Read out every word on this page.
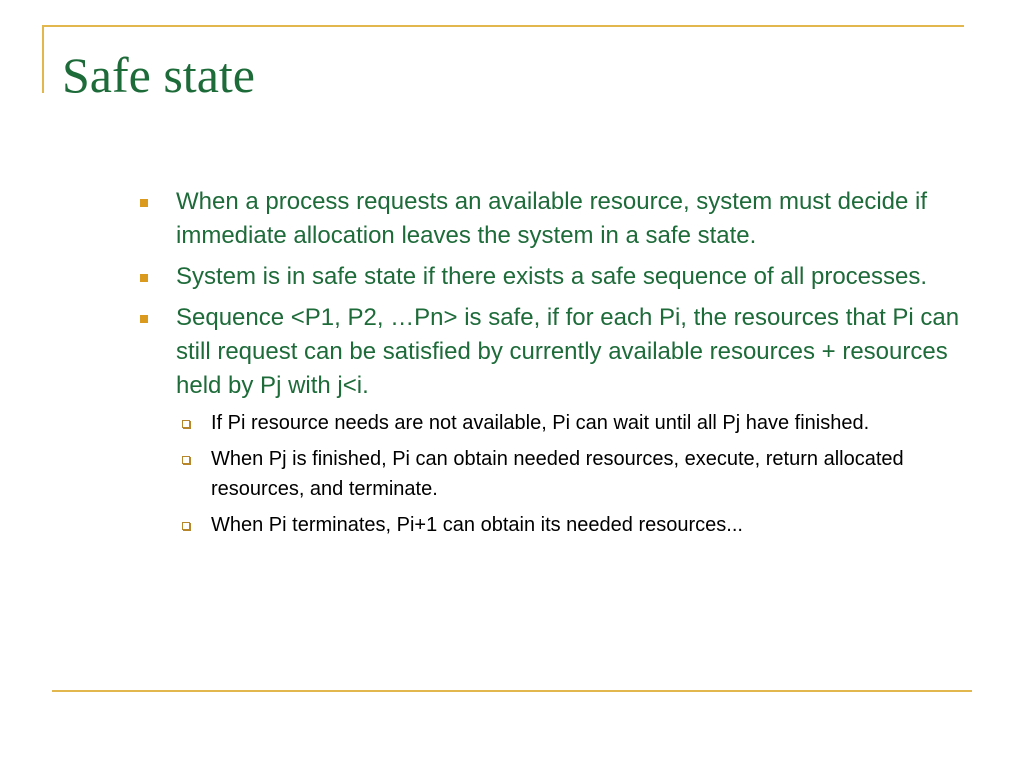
Safe state
When a process requests an available resource, system must decide if immediate allocation leaves the system in a safe state.
System is in safe state if there exists a safe sequence of all processes.
Sequence <P1, P2, …Pn> is safe, if for each Pi, the resources that Pi can still request can be satisfied by currently available resources + resources held by Pj with j<i.
If Pi resource needs are not available, Pi can wait until all Pj have finished.
When Pj is finished, Pi can obtain needed resources, execute, return allocated resources, and terminate.
When Pi terminates, Pi+1 can obtain its needed resources...
